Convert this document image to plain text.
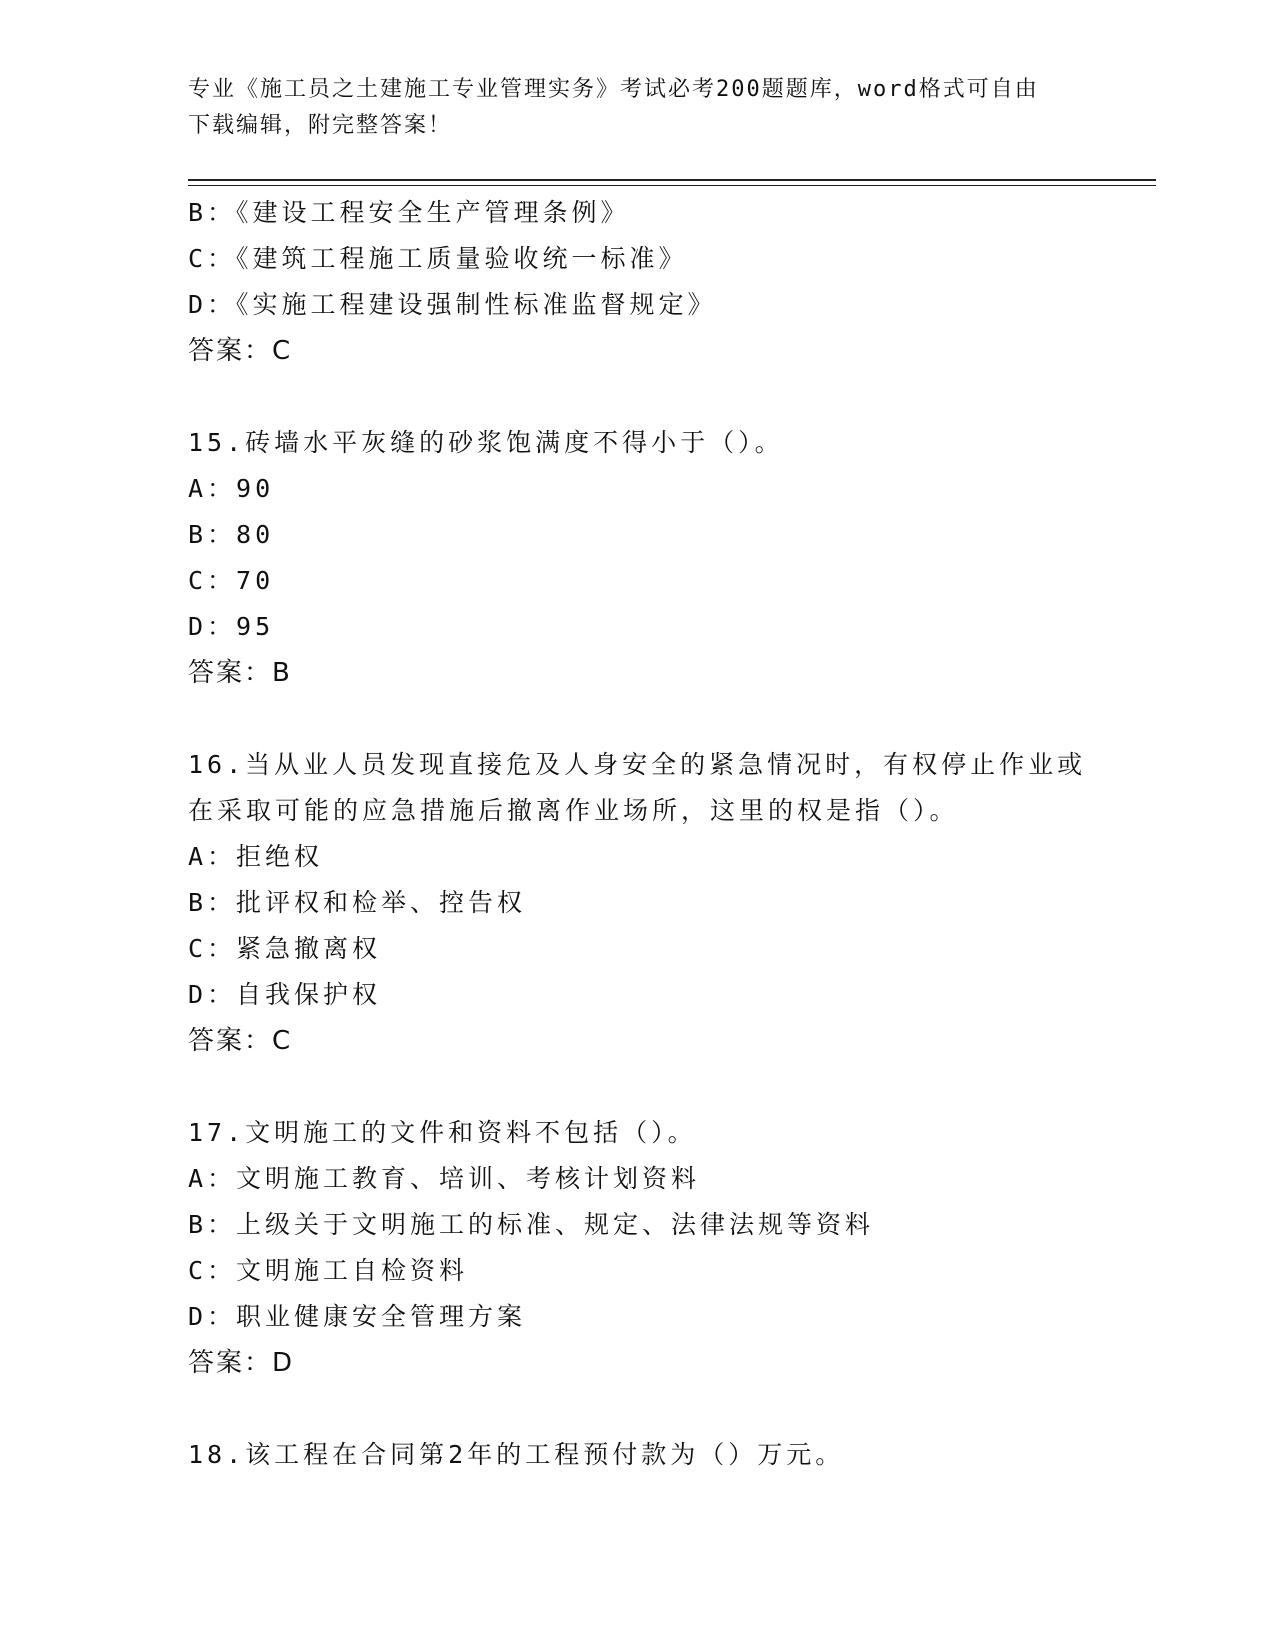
专业《施工员之土建施工专业管理实务》考试必考200题题库，word格式可自由
下载编辑，附完整答案！
B：《建设工程安全生产管理条例》
C：《建筑工程施工质量验收统一标准》
D：《实施工程建设强制性标准监督规定》
答案：C
15.砖墙水平灰缝的砂浆饱满度不得小于（）。
A：90
B：80
C：70
D：95
答案：B
16.当从业人员发现直接危及人身安全的紧急情况时，有权停止作业或
在采取可能的应急措施后撤离作业场所，这里的权是指（）。
A：拒绝权
B：批评权和检举、控告权
C：紧急撤离权
D：自我保护权
答案：C
17.文明施工的文件和资料不包括（）。
A：文明施工教育、培训、考核计划资料
B：上级关于文明施工的标准、规定、法律法规等资料
C：文明施工自检资料
D：职业健康安全管理方案
答案：D
18.该工程在合同第2年的工程预付款为（）万元。
